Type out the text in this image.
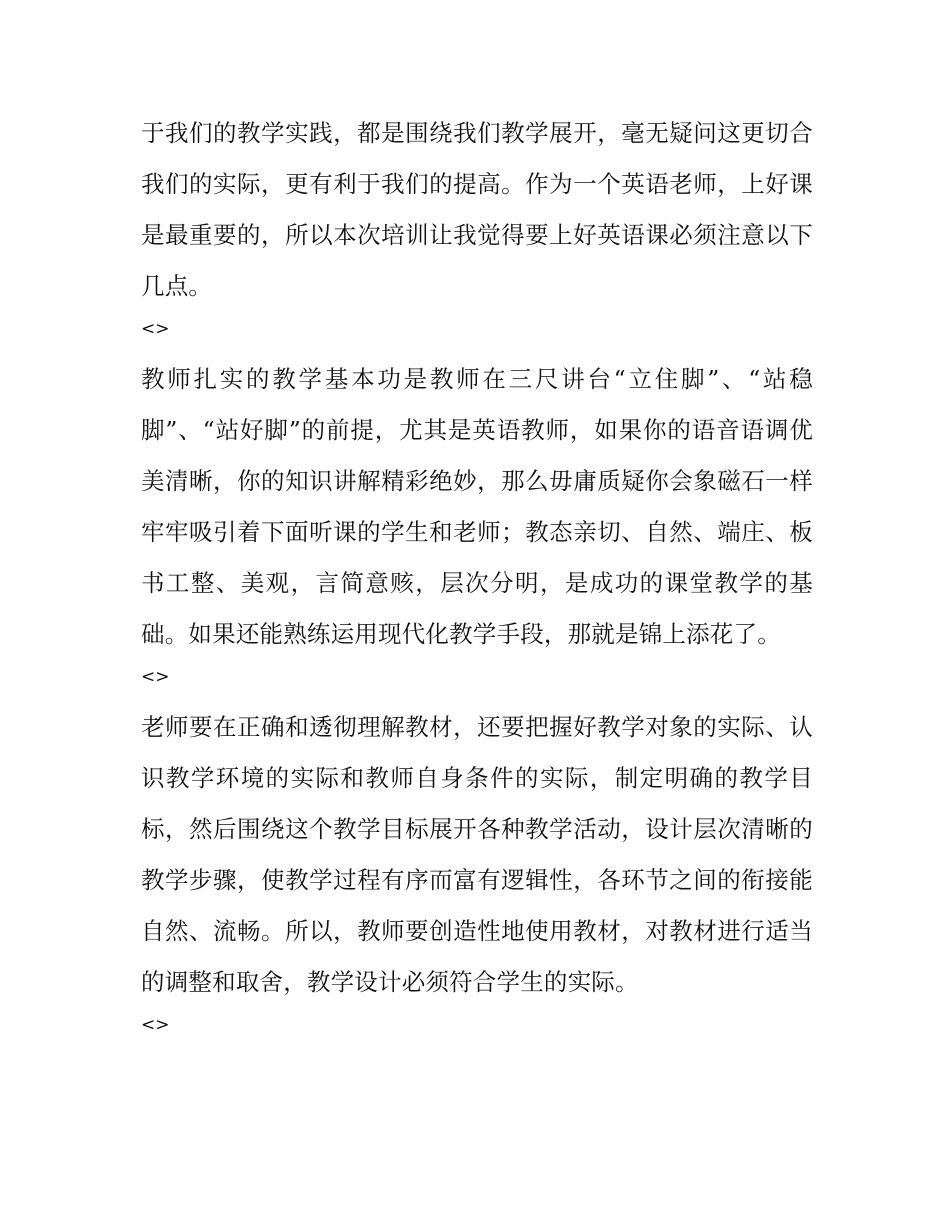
于我们的教学实践，都是围绕我们教学展开，毫无疑问这更切合我们的实际，更有利于我们的提高。作为一个英语老师，上好课是最重要的，所以本次培训让我觉得要上好英语课必须注意以下几点。

<>

教师扎实的教学基本功是教师在三尺讲台“立住脚”、“站稳脚”、“站好脚”的前提，尤其是英语教师，如果你的语音语调优美清晰，你的知识讲解精彩绝妙，那么毋庸质疑你会象磁石一样牢牢吸引着下面听课的学生和老师；教态亲切、自然、端庄、板书工整、美观，言简意赅，层次分明，是成功的课堂教学的基础。如果还能熟练运用现代化教学手段，那就是锦上添花了。

<>

老师要在正确和透彻理解教材，还要把握好教学对象的实际、认识教学环境的实际和教师自身条件的实际，制定明确的教学目标，然后围绕这个教学目标展开各种教学活动，设计层次清晰的教学步骤，使教学过程有序而富有逻辑性，各环节之间的衔接能自然、流畅。所以，教师要创造性地使用教材，对教材进行适当的调整和取舍，教学设计必须符合学生的实际。

<>
